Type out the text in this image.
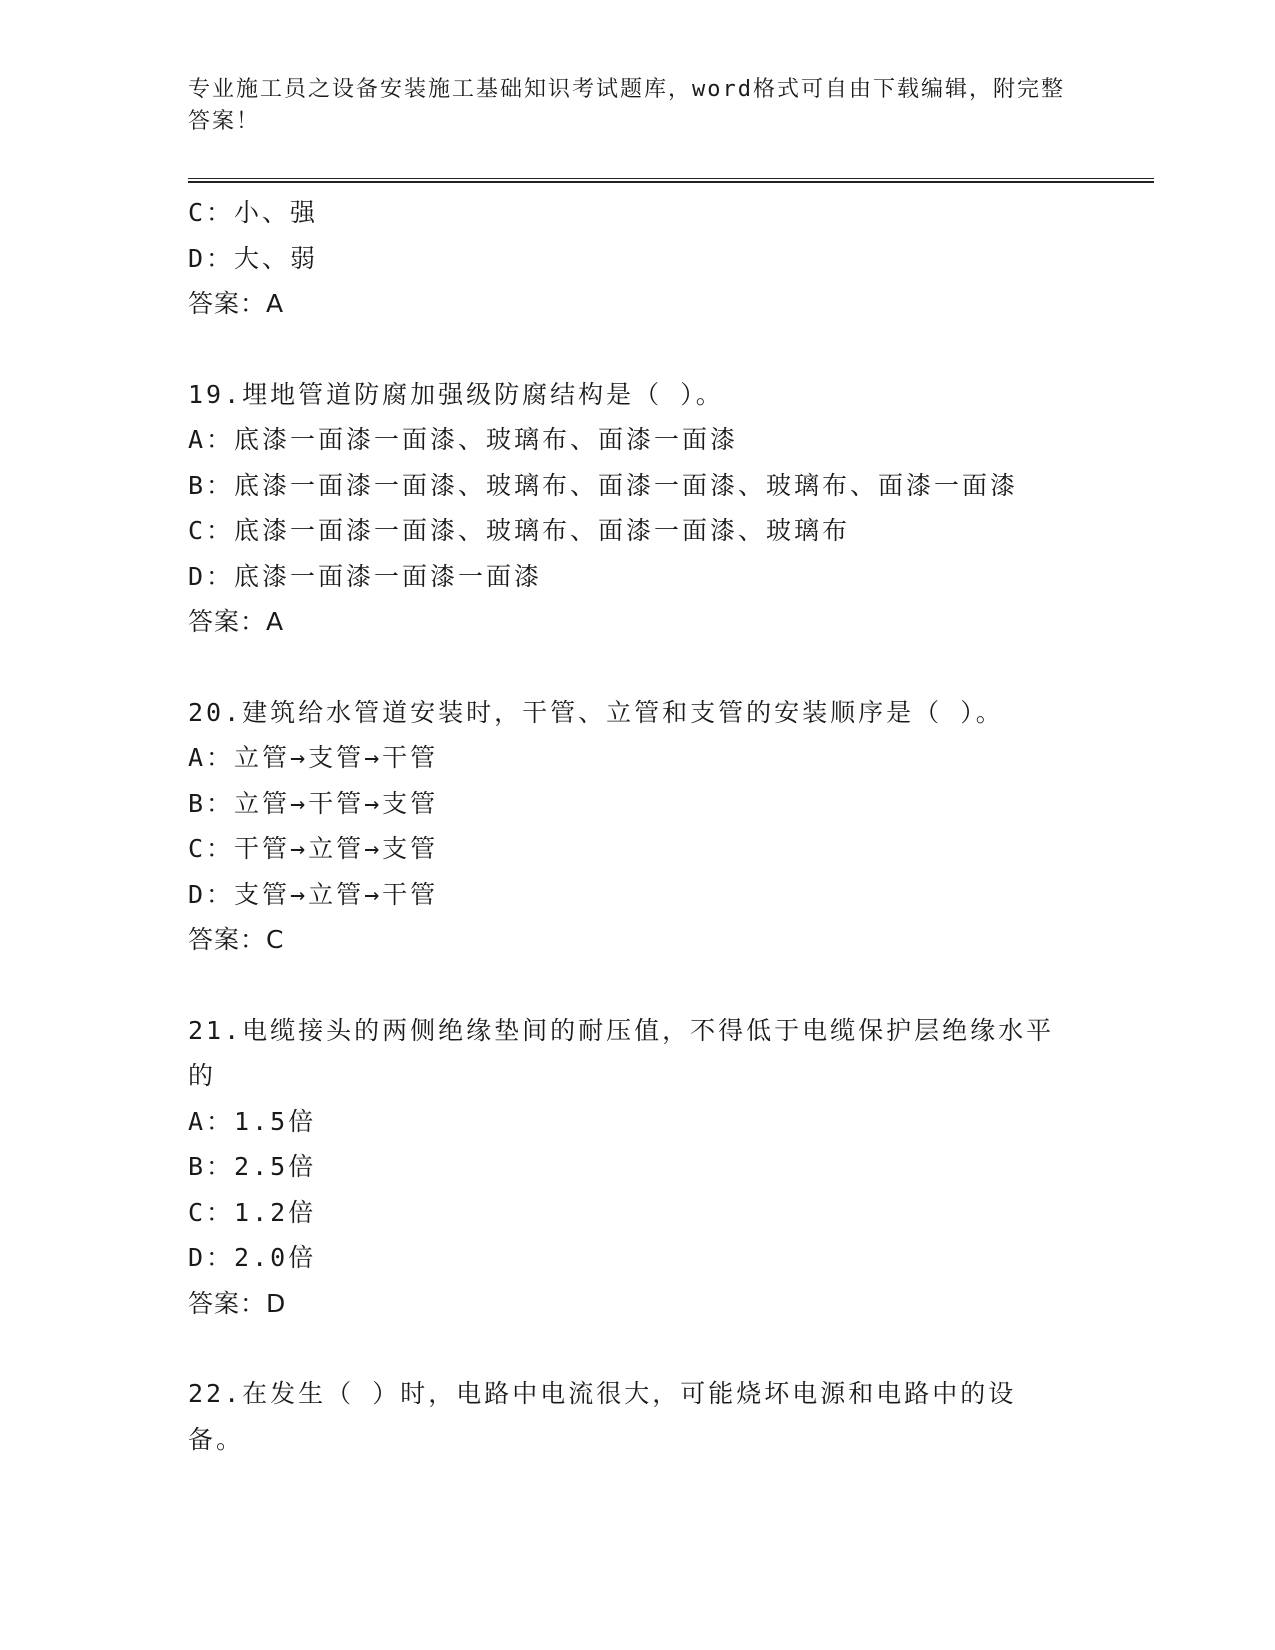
专业施工员之设备安装施工基础知识考试题库，word格式可自由下载编辑，附完整答案！
C：小、强
D：大、弱
答案：A
19.埋地管道防腐加强级防腐结构是（ ）。
A：底漆一面漆一面漆、玻璃布、面漆一面漆
B：底漆一面漆一面漆、玻璃布、面漆一面漆、玻璃布、面漆一面漆
C：底漆一面漆一面漆、玻璃布、面漆一面漆、玻璃布
D：底漆一面漆一面漆一面漆
答案：A
20.建筑给水管道安装时，干管、立管和支管的安装顺序是（ ）。
A：立管→支管→干管
B：立管→干管→支管
C：干管→立管→支管
D：支管→立管→干管
答案：C
21.电缆接头的两侧绝缘垫间的耐压值，不得低于电缆保护层绝缘水平的
A：1.5倍
B：2.5倍
C：1.2倍
D：2.0倍
答案：D
22.在发生（ ）时，电路中电流很大，可能烧坏电源和电路中的设备。
